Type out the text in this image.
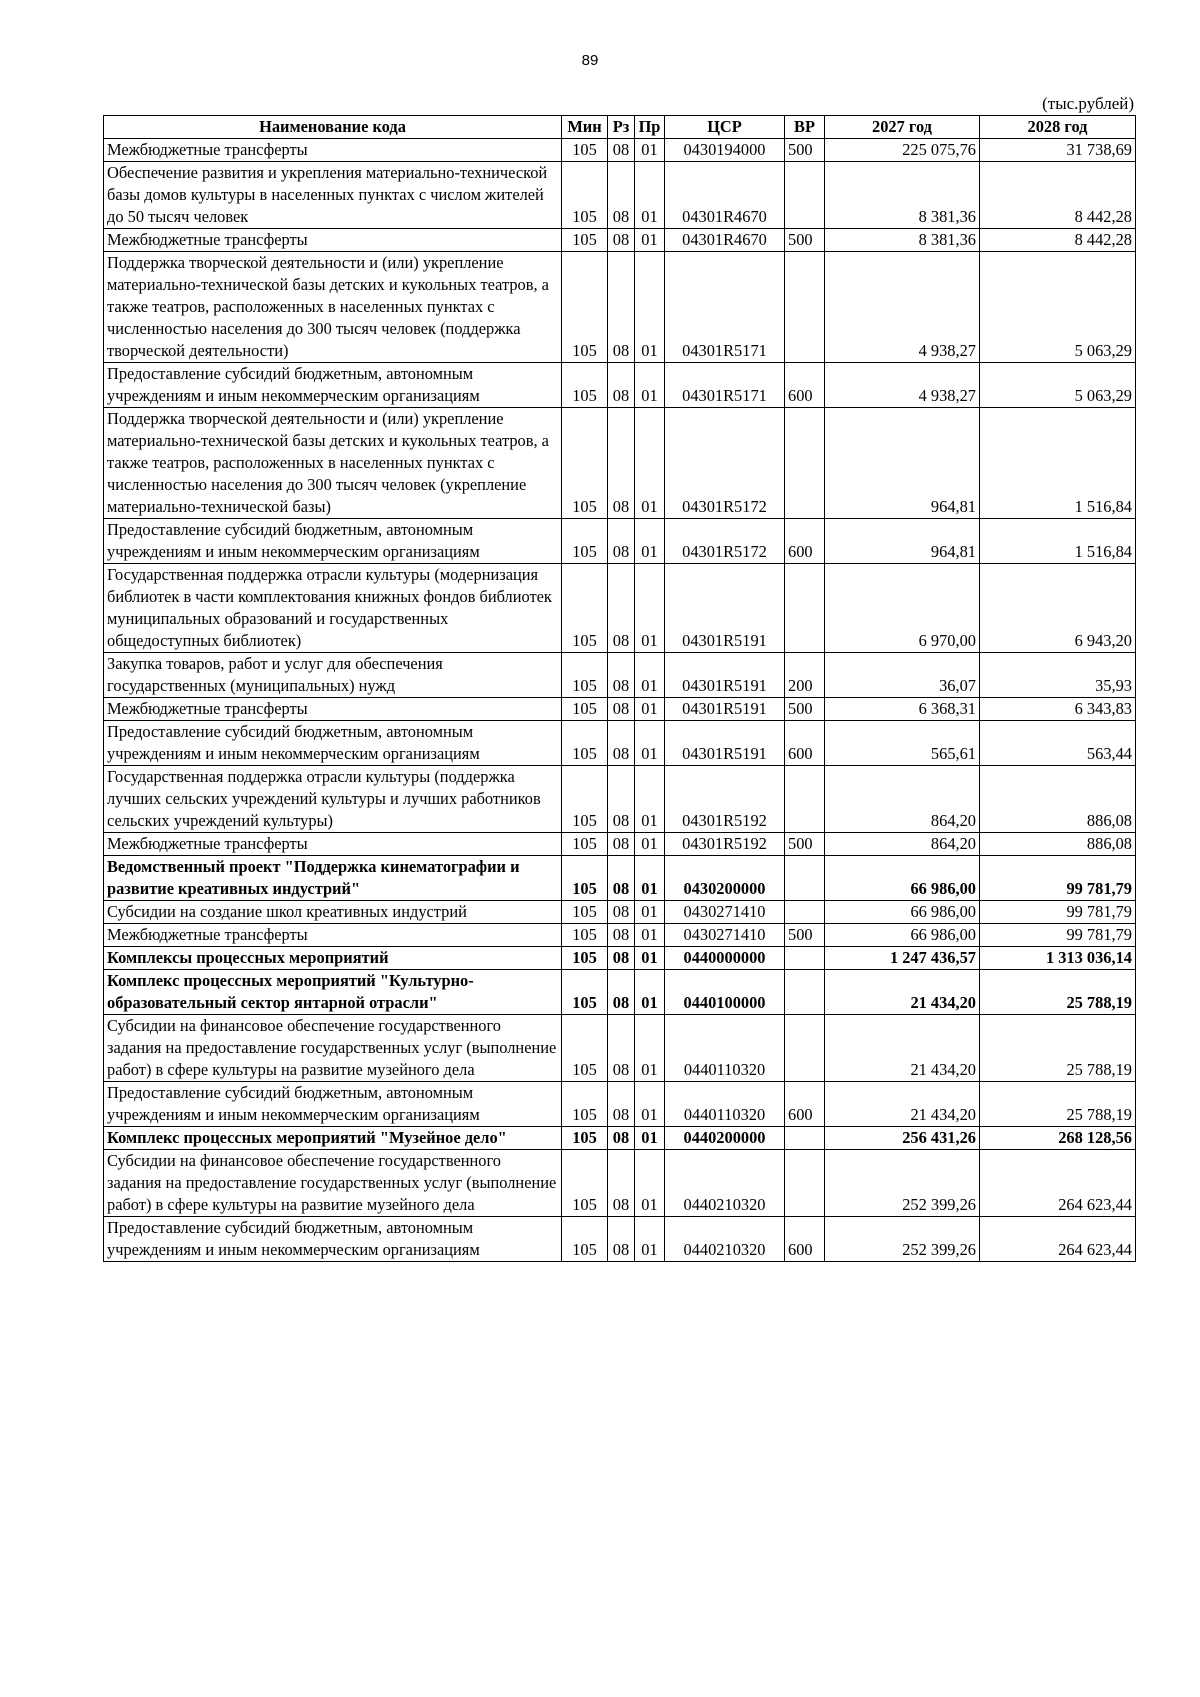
89
(тыс.рублей)
Наименование кода	Мин	Рз	Пр	ЦСР	ВР	2027 год	2028 год
Межбюджетные трансферты	105	08	01	0430194000	500	225 075,76	31 738,69
Обеспечение развития и укрепления материально-технической базы домов культуры в населенных пунктах с числом жителей до 50 тысяч человек	105	08	01	04301R4670		8 381,36	8 442,28
Межбюджетные трансферты	105	08	01	04301R4670	500	8 381,36	8 442,28
Поддержка творческой деятельности и (или) укрепление материально-технической базы детских и кукольных театров, а также театров, расположенных в населенных пунктах с численностью населения до 300 тысяч человек (поддержка творческой деятельности)	105	08	01	04301R5171		4 938,27	5 063,29
Предоставление субсидий бюджетным, автономным учреждениям и иным некоммерческим организациям	105	08	01	04301R5171	600	4 938,27	5 063,29
Поддержка творческой деятельности и (или) укрепление материально-технической базы детских и кукольных театров, а также театров, расположенных в населенных пунктах с численностью населения до 300 тысяч человек (укрепление материально-технической базы)	105	08	01	04301R5172		964,81	1 516,84
Предоставление субсидий бюджетным, автономным учреждениям и иным некоммерческим организациям	105	08	01	04301R5172	600	964,81	1 516,84
Государственная поддержка отрасли культуры (модернизация библиотек в части комплектования книжных фондов библиотек муниципальных образований и государственных общедоступных библиотек)	105	08	01	04301R5191		6 970,00	6 943,20
Закупка товаров, работ и услуг для обеспечения государственных (муниципальных) нужд	105	08	01	04301R5191	200	36,07	35,93
Межбюджетные трансферты	105	08	01	04301R5191	500	6 368,31	6 343,83
Предоставление субсидий бюджетным, автономным учреждениям и иным некоммерческим организациям	105	08	01	04301R5191	600	565,61	563,44
Государственная поддержка отрасли культуры (поддержка лучших сельских учреждений культуры и лучших работников сельских учреждений культуры)	105	08	01	04301R5192		864,20	886,08
Межбюджетные трансферты	105	08	01	04301R5192	500	864,20	886,08
Ведомственный проект "Поддержка кинематографии и развитие креативных индустрий"	105	08	01	0430200000		66 986,00	99 781,79
Субсидии на создание школ креативных индустрий	105	08	01	0430271410		66 986,00	99 781,79
Межбюджетные трансферты	105	08	01	0430271410	500	66 986,00	99 781,79
Комплексы процессных мероприятий	105	08	01	0440000000		1 247 436,57	1 313 036,14
Комплекс процессных мероприятий "Культурно-образовательный сектор янтарной отрасли"	105	08	01	0440100000		21 434,20	25 788,19
Субсидии на финансовое обеспечение государственного задания на предоставление государственных услуг (выполнение работ) в сфере культуры на развитие музейного дела	105	08	01	0440110320		21 434,20	25 788,19
Предоставление субсидий бюджетным, автономным учреждениям и иным некоммерческим организациям	105	08	01	0440110320	600	21 434,20	25 788,19
Комплекс процессных мероприятий "Музейное дело"	105	08	01	0440200000		256 431,26	268 128,56
Субсидии на финансовое обеспечение государственного задания на предоставление государственных услуг (выполнение работ) в сфере культуры на развитие музейного дела	105	08	01	0440210320		252 399,26	264 623,44
Предоставление субсидий бюджетным, автономным учреждениям и иным некоммерческим организациям	105	08	01	0440210320	600	252 399,26	264 623,44
